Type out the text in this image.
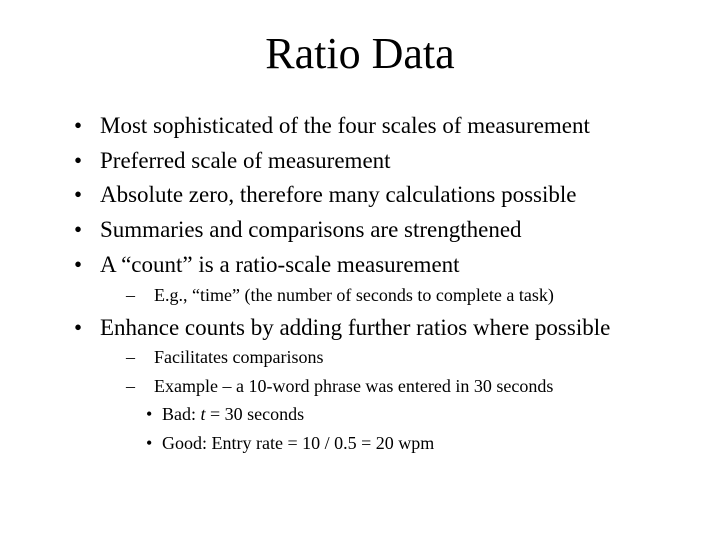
Ratio Data
• Most sophisticated of the four scales of measurement
• Preferred scale of measurement
• Absolute zero, therefore many calculations possible
• Summaries and comparisons are strengthened
• A “count” is a ratio-scale measurement
– E.g., “time” (the number of seconds to complete a task)
• Enhance counts by adding further ratios where possible
– Facilitates comparisons
– Example – a 10-word phrase was entered in 30 seconds
• Bad: t = 30 seconds
• Good: Entry rate = 10 / 0.5 = 20 wpm
